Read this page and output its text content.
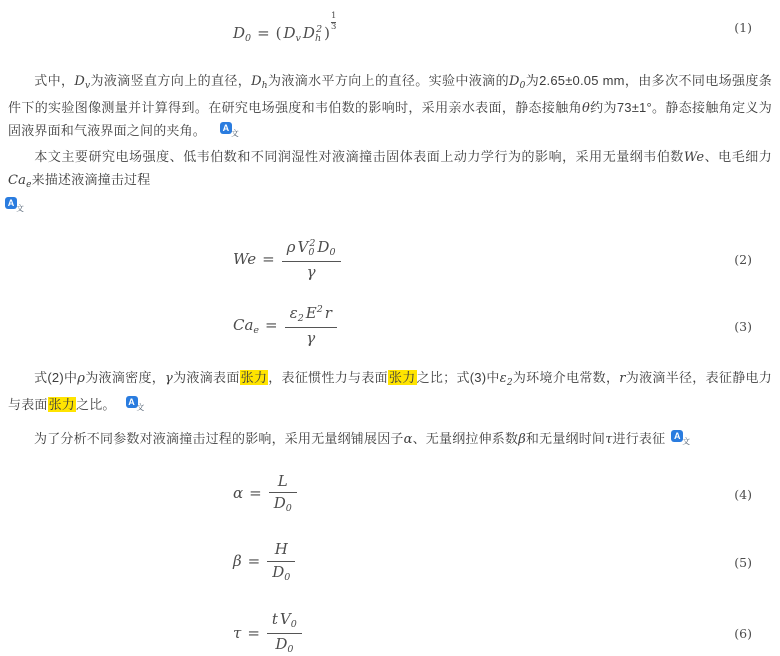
$D_0$ = ( $D_v$ $D_h^2$ )
$^{\frac{1}{3}}$	(1)
式中，$D_v$为液滴竖直方向上的直径，$D_h$为液滴水平方向上的直径。实验中液滴的$D_0$为2.65±0.05 mm，由多次不同电场强度条件下的实验图像测量并计算得到。在研究电场强度和韦伯数的影响时，采用亲水表面，静态接触角θ约为73±1°。静态接触角定义为固液界面和气液界面之间的夹角。 A
文
本文主要研究电场强度、低韦伯数和不同润湿性对液滴撞击固体表面上动力学行为的影响，采用无量纲韦伯数We、电毛细力$Ca_e$来描述液滴撞击过程
A
文
$We = \frac{\rho V_0^2 D_0}{\gamma}$	(2)
$Ca_e = \frac{\varepsilon_2 E^2 r}{\gamma}$	(3)
式(2)中ρ为液滴密度，γ为液滴表面张力，表征惯性力与表面张力之比；式(3)中$\varepsilon_2$为环境介电常数，r为液滴半径，表征静电力与表面张力之比。 A
文
为了分析不同参数对液滴撞击过程的影响，采用无量纲铺展因子α、无量纲拉伸系数β和无量纲时间τ进行表征 A
文
$\alpha = \frac{L}{D_0}$	(4)
$\beta = \frac{H}{D_0}$	(5)
$\tau = \frac{t V_0}{D_0}$	(6)
